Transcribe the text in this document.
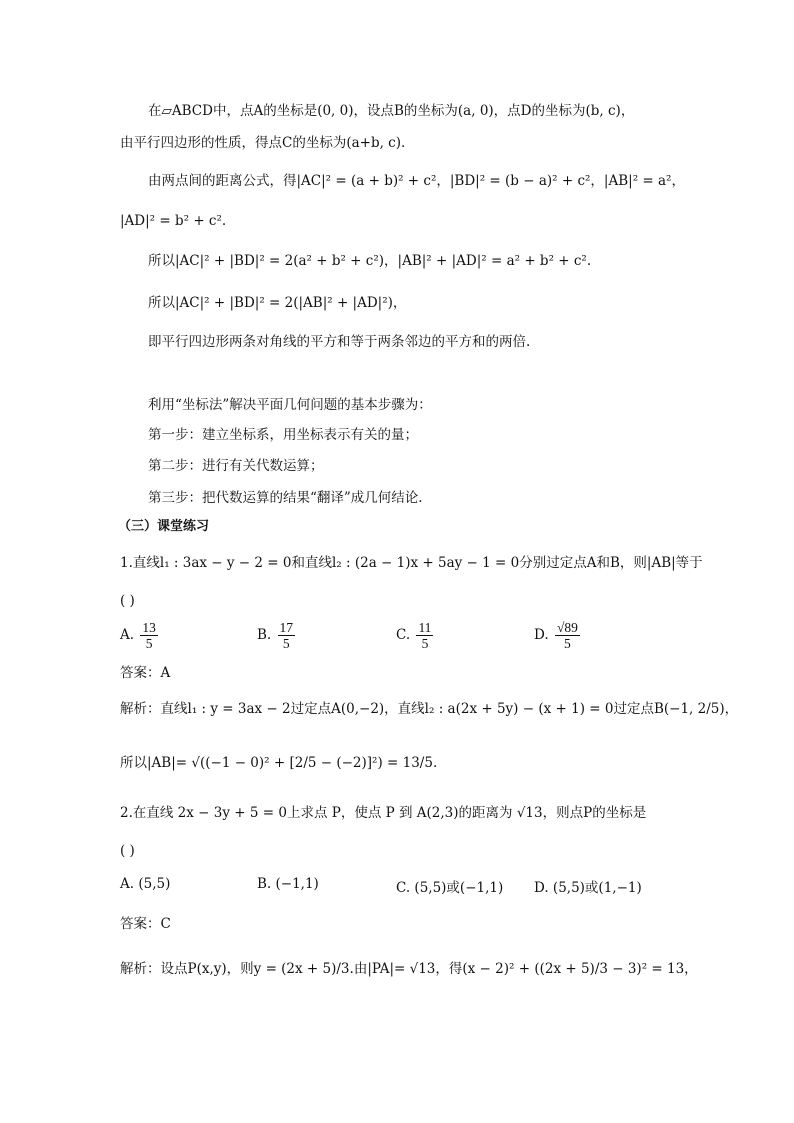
在▱ABCD中，点A的坐标是(0, 0)，设点B的坐标为(a, 0)，点D的坐标为(b, c)，
由平行四边形的性质，得点C的坐标为(a+b, c).
由两点间的距离公式，得|AC|² = (a + b)² + c²，|BD|² = (b − a)² + c²，|AB|² = a²，
|AD|² = b² + c².
所以|AC|² + |BD|² = 2(a² + b² + c²)，|AB|² + |AD|² = a² + b² + c².
所以|AC|² + |BD|² = 2(|AB|² + |AD|²)，
即平行四边形两条对角线的平方和等于两条邻边的平方和的两倍.
利用“坐标法”解决平面几何问题的基本步骤为：
第一步：建立坐标系，用坐标表示有关的量；
第二步：进行有关代数运算；
第三步：把代数运算的结果“翻译”成几何结论.
（三）课堂练习
1.直线l₁ : 3ax − y − 2 = 0和直线l₂ : (2a − 1)x + 5ay − 1 = 0分别过定点A和B，则|AB|等于
( )
A. $\frac{13}{5}$	B. $\frac{17}{5}$	C. $\frac{11}{5}$	D. $\frac{√89}{5}$
答案：A
解析：直线l₁ : y = 3ax − 2过定点A(0,−2)，直线l₂ : a(2x + 5y) − (x + 1) = 0过定点B(−1, 2/5)，
所以|AB|= √((−1 − 0)² + [2/5 − (−2)]²) = 13/5.
2.在直线 2x − 3y + 5 = 0上求点 P，使点 P 到 A(2,3)的距离为 √13，则点P的坐标是
( )
A. (5,5)	B. (−1,1)	C. (5,5)或(−1,1) D. (5,5)或(1,−1)
答案：C
解析：设点P(x,y)，则y = (2x + 5)/3.由|PA|= √13，得(x − 2)² + ((2x + 5)/3 − 3)² = 13，
